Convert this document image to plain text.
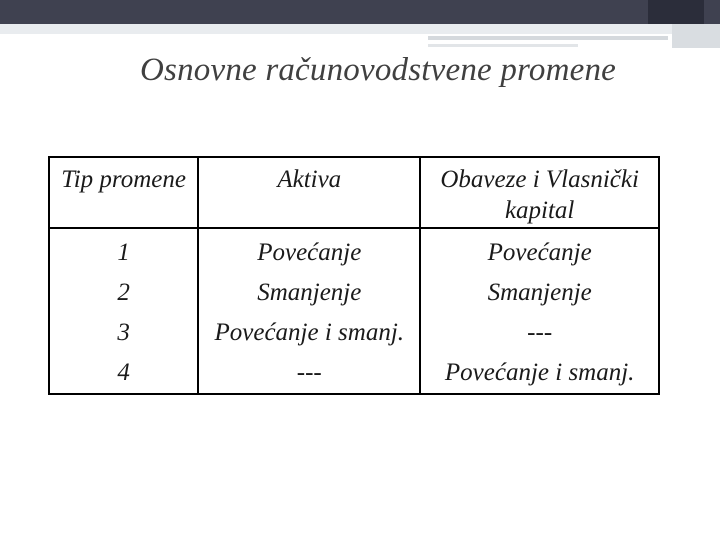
Osnovne računovodstvene promene
Tip promene	Aktiva	Obaveze i Vlasnički kapital
1	Povećanje	Povećanje
2	Smanjenje	Smanjenje
3	Povećanje i smanj.	---
4	---	Povećanje i smanj.
